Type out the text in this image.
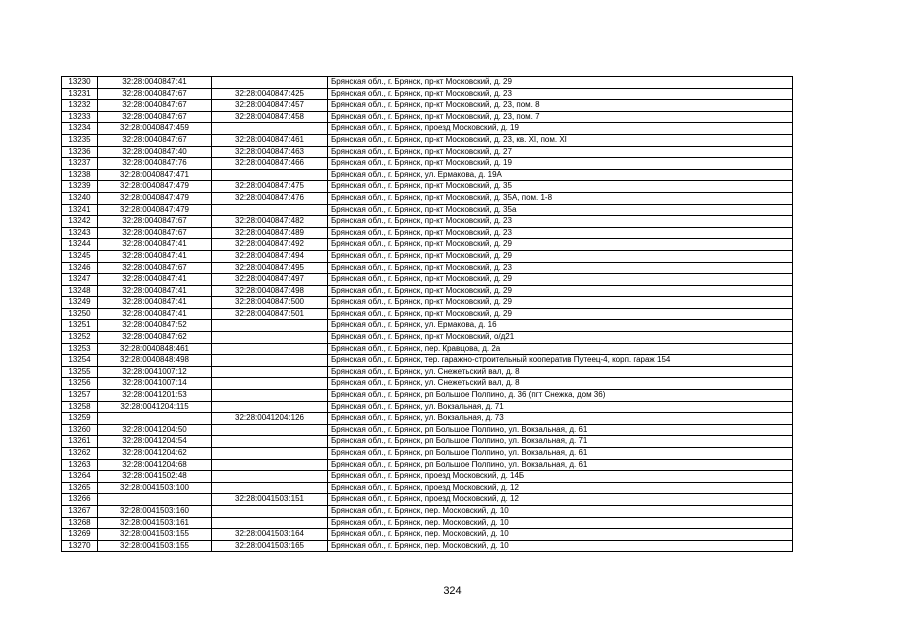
13230	32:28:0040847:41		Брянская обл., г. Брянск, пр-кт Московский, д. 29
13231	32:28:0040847:67	32:28:0040847:425	Брянская обл., г. Брянск, пр-кт Московский, д. 23
13232	32:28:0040847:67	32:28:0040847:457	Брянская обл., г. Брянск, пр-кт Московский, д. 23, пом. 8
13233	32:28:0040847:67	32:28:0040847:458	Брянская обл., г. Брянск, пр-кт Московский, д. 23, пом. 7
13234	32:28:0040847:459		Брянская обл., г. Брянск, проезд Московский, д. 19
13235	32:28:0040847:67	32:28:0040847:461	Брянская обл., г. Брянск, пр-кт Московский, д. 23, кв. XI, пом. XI
13236	32:28:0040847:40	32:28:0040847:463	Брянская обл., г. Брянск, пр-кт Московский, д. 27
13237	32:28:0040847:76	32:28:0040847:466	Брянская обл., г. Брянск, пр-кт Московский, д. 19
13238	32:28:0040847:471		Брянская обл., г. Брянск, ул. Ермакова, д. 19А
13239	32:28:0040847:479	32:28:0040847:475	Брянская обл., г. Брянск, пр-кт Московский, д. 35
13240	32:28:0040847:479	32:28:0040847:476	Брянская обл., г. Брянск, пр-кт Московский, д. 35А, пом. 1-8
13241	32:28:0040847:479		Брянская обл., г. Брянск, пр-кт Московский, д. 35а
13242	32:28:0040847:67	32:28:0040847:482	Брянская обл., г. Брянск, пр-кт Московский, д. 23
13243	32:28:0040847:67	32:28:0040847:489	Брянская обл., г. Брянск, пр-кт Московский, д. 23
13244	32:28:0040847:41	32:28:0040847:492	Брянская обл., г. Брянск, пр-кт Московский, д. 29
13245	32:28:0040847:41	32:28:0040847:494	Брянская обл., г. Брянск, пр-кт Московский, д. 29
13246	32:28:0040847:67	32:28:0040847:495	Брянская обл., г. Брянск, пр-кт Московский, д. 23
13247	32:28:0040847:41	32:28:0040847:497	Брянская обл., г. Брянск, пр-кт Московский, д. 29
13248	32:28:0040847:41	32:28:0040847:498	Брянская обл., г. Брянск, пр-кт Московский, д. 29
13249	32:28:0040847:41	32:28:0040847:500	Брянская обл., г. Брянск, пр-кт Московский, д. 29
13250	32:28:0040847:41	32:28:0040847:501	Брянская обл., г. Брянск, пр-кт Московский, д. 29
13251	32:28:0040847:52		Брянская обл., г. Брянск, ул. Ермакова, д. 16
13252	32:28:0040847:62		Брянская обл., г. Брянск, пр-кт Московский, о/д21
13253	32:28:0040848:461		Брянская обл., г. Брянск, пер. Кравцова, д. 2а
13254	32:28:0040848:498		Брянская обл., г. Брянск, тер. гаражно-строительный кооператив Путеец-4, корп. гараж 154
13255	32:28:0041007:12		Брянская обл., г. Брянск, ул. Снежетьский вал, д. 8
13256	32:28:0041007:14		Брянская обл., г. Брянск, ул. Снежетьский вал, д. 8
13257	32:28:0041201:53		Брянская обл., г. Брянск, рп Большое Полпино, д. 36 (пгт Снежка, дом 36)
13258	32:28:0041204:115		Брянская обл., г. Брянск, ул. Вокзальная, д. 71
13259		32:28:0041204:126	Брянская обл., г. Брянск, ул. Вокзальная, д. 73
13260	32:28:0041204:50		Брянская обл., г. Брянск, рп Большое Полпино, ул. Вокзальная, д. 61
13261	32:28:0041204:54		Брянская обл., г. Брянск, рп Большое Полпино, ул. Вокзальная, д. 71
13262	32:28:0041204:62		Брянская обл., г. Брянск, рп Большое Полпино, ул. Вокзальная, д. 61
13263	32:28:0041204:68		Брянская обл., г. Брянск, рп Большое Полпино, ул. Вокзальная, д. 61
13264	32:28:0041502:48		Брянская обл., г. Брянск, проезд Московский, д. 14Б
13265	32:28:0041503:100		Брянская обл., г. Брянск, проезд Московский, д. 12
13266		32:28:0041503:151	Брянская обл., г. Брянск, проезд Московский, д. 12
13267	32:28:0041503:160		Брянская обл., г. Брянск, пер. Московский, д. 10
13268	32:28:0041503:161		Брянская обл., г. Брянск, пер. Московский, д. 10
13269	32:28:0041503:155	32:28:0041503:164	Брянская обл., г. Брянск, пер. Московский, д. 10
13270	32:28:0041503:155	32:28:0041503:165	Брянская обл., г. Брянск, пер. Московский, д. 10
324
